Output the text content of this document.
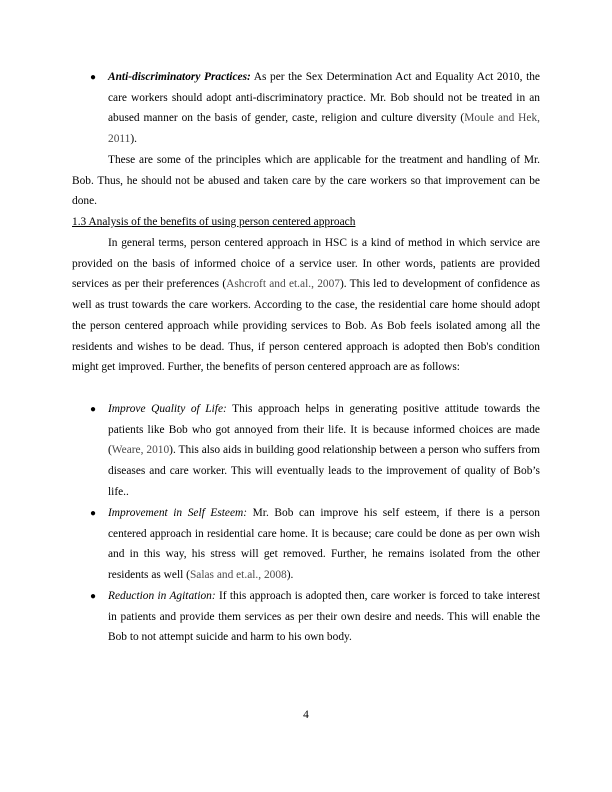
● Anti-discriminatory Practices: As per the Sex Determination Act and Equality Act 2010, the care workers should adopt anti-discriminatory practice. Mr. Bob should not be treated in an abused manner on the basis of gender, caste, religion and culture diversity (Moule and Hek, 2011).
These are some of the principles which are applicable for the treatment and handling of Mr. Bob. Thus, he should not be abused and taken care by the care workers so that improvement can be done.
1.3 Analysis of the benefits of using person centered approach
In general terms, person centered approach in HSC is a kind of method in which service are provided on the basis of informed choice of a service user. In other words, patients are provided services as per their preferences (Ashcroft and et.al., 2007). This led to development of confidence as well as trust towards the care workers. According to the case, the residential care home should adopt the person centered approach while providing services to Bob. As Bob feels isolated among all the residents and wishes to be dead. Thus, if person centered approach is adopted then Bob's condition might get improved. Further, the benefits of person centered approach are as follows:
● Improve Quality of Life: This approach helps in generating positive attitude towards the patients like Bob who got annoyed from their life. It is because informed choices are made (Weare, 2010). This also aids in building good relationship between a person who suffers from diseases and care worker. This will eventually leads to the improvement of quality of Bob’s life..
● Improvement in Self Esteem: Mr. Bob can improve his self esteem, if there is a person centered approach in residential care home. It is because; care could be done as per own wish and in this way, his stress will get removed. Further, he remains isolated from the other residents as well (Salas and et.al., 2008).
● Reduction in Agitation: If this approach is adopted then, care worker is forced to take interest in patients and provide them services as per their own desire and needs. This will enable the Bob to not attempt suicide and harm to his own body.
4
